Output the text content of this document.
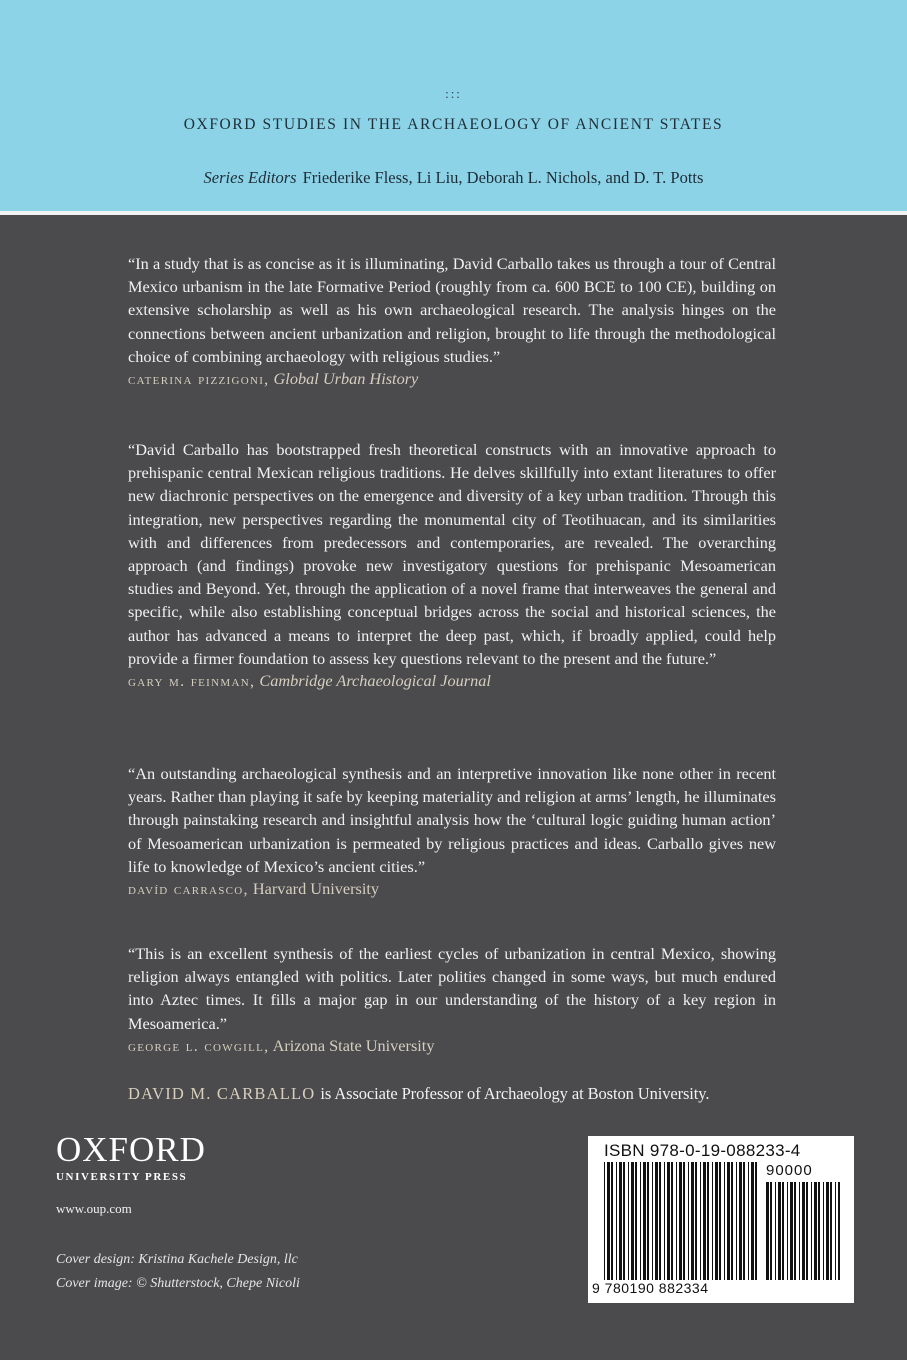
:::
OXFORD STUDIES IN THE ARCHAEOLOGY OF ANCIENT STATES
Series Editors Friederike Fless, Li Liu, Deborah L. Nichols, and D. T. Potts

“In a study that is as concise as it is illuminating, David Carballo takes us through a tour of Central Mexico urbanism in the late Formative Period (roughly from ca. 600 BCE to 100 CE), building on extensive scholarship as well as his own archaeological research. The analysis hinges on the connections between ancient urbanization and religion, brought to life through the methodological choice of combining archaeology with religious studies.”

caterina pizzigoni, Global Urban History

“David Carballo has bootstrapped fresh theoretical constructs with an innovative approach to prehispanic central Mexican religious traditions. He delves skillfully into extant literatures to offer new diachronic perspectives on the emergence and diversity of a key urban tradition. Through this integration, new perspectives regarding the monumental city of Teotihuacan, and its similarities with and differences from predecessors and contemporaries, are revealed. The overarching approach (and findings) provoke new investigatory questions for prehispanic Mesoamerican studies and Beyond. Yet, through the application of a novel frame that interweaves the general and specific, while also establishing conceptual bridges across the social and historical sciences, the author has advanced a means to interpret the deep past, which, if broadly applied, could help provide a firmer foundation to assess key questions relevant to the present and the future.”

gary m. feinman, Cambridge Archaeological Journal

“An outstanding archaeological synthesis and an interpretive innovation like none other in recent years. Rather than playing it safe by keeping materiality and religion at arms’ length, he illuminates through painstaking research and insightful analysis how the ‘cultural logic guiding human action’ of Mesoamerican urbanization is permeated by religious practices and ideas. Carballo gives new life to knowledge of Mexico’s ancient cities.”

davíd carrasco, Harvard University

“This is an excellent synthesis of the earliest cycles of urbanization in central Mexico, showing religion always entangled with politics. Later polities changed in some ways, but much endured into Aztec times. It fills a major gap in our understanding of the history of a key region in Mesoamerica.”

george l. cowgill, Arizona State University

DAVID M. CARBALLO is Associate Professor of Archaeology at Boston University.
OXFORD
UNIVERSITY PRESS
www.oup.com
Cover design: Kristina Kachele Design, llc
Cover image: © Shutterstock, Chepe Nicoli
ISBN 978-0-19-088233-4
90000
9 780190 882334
